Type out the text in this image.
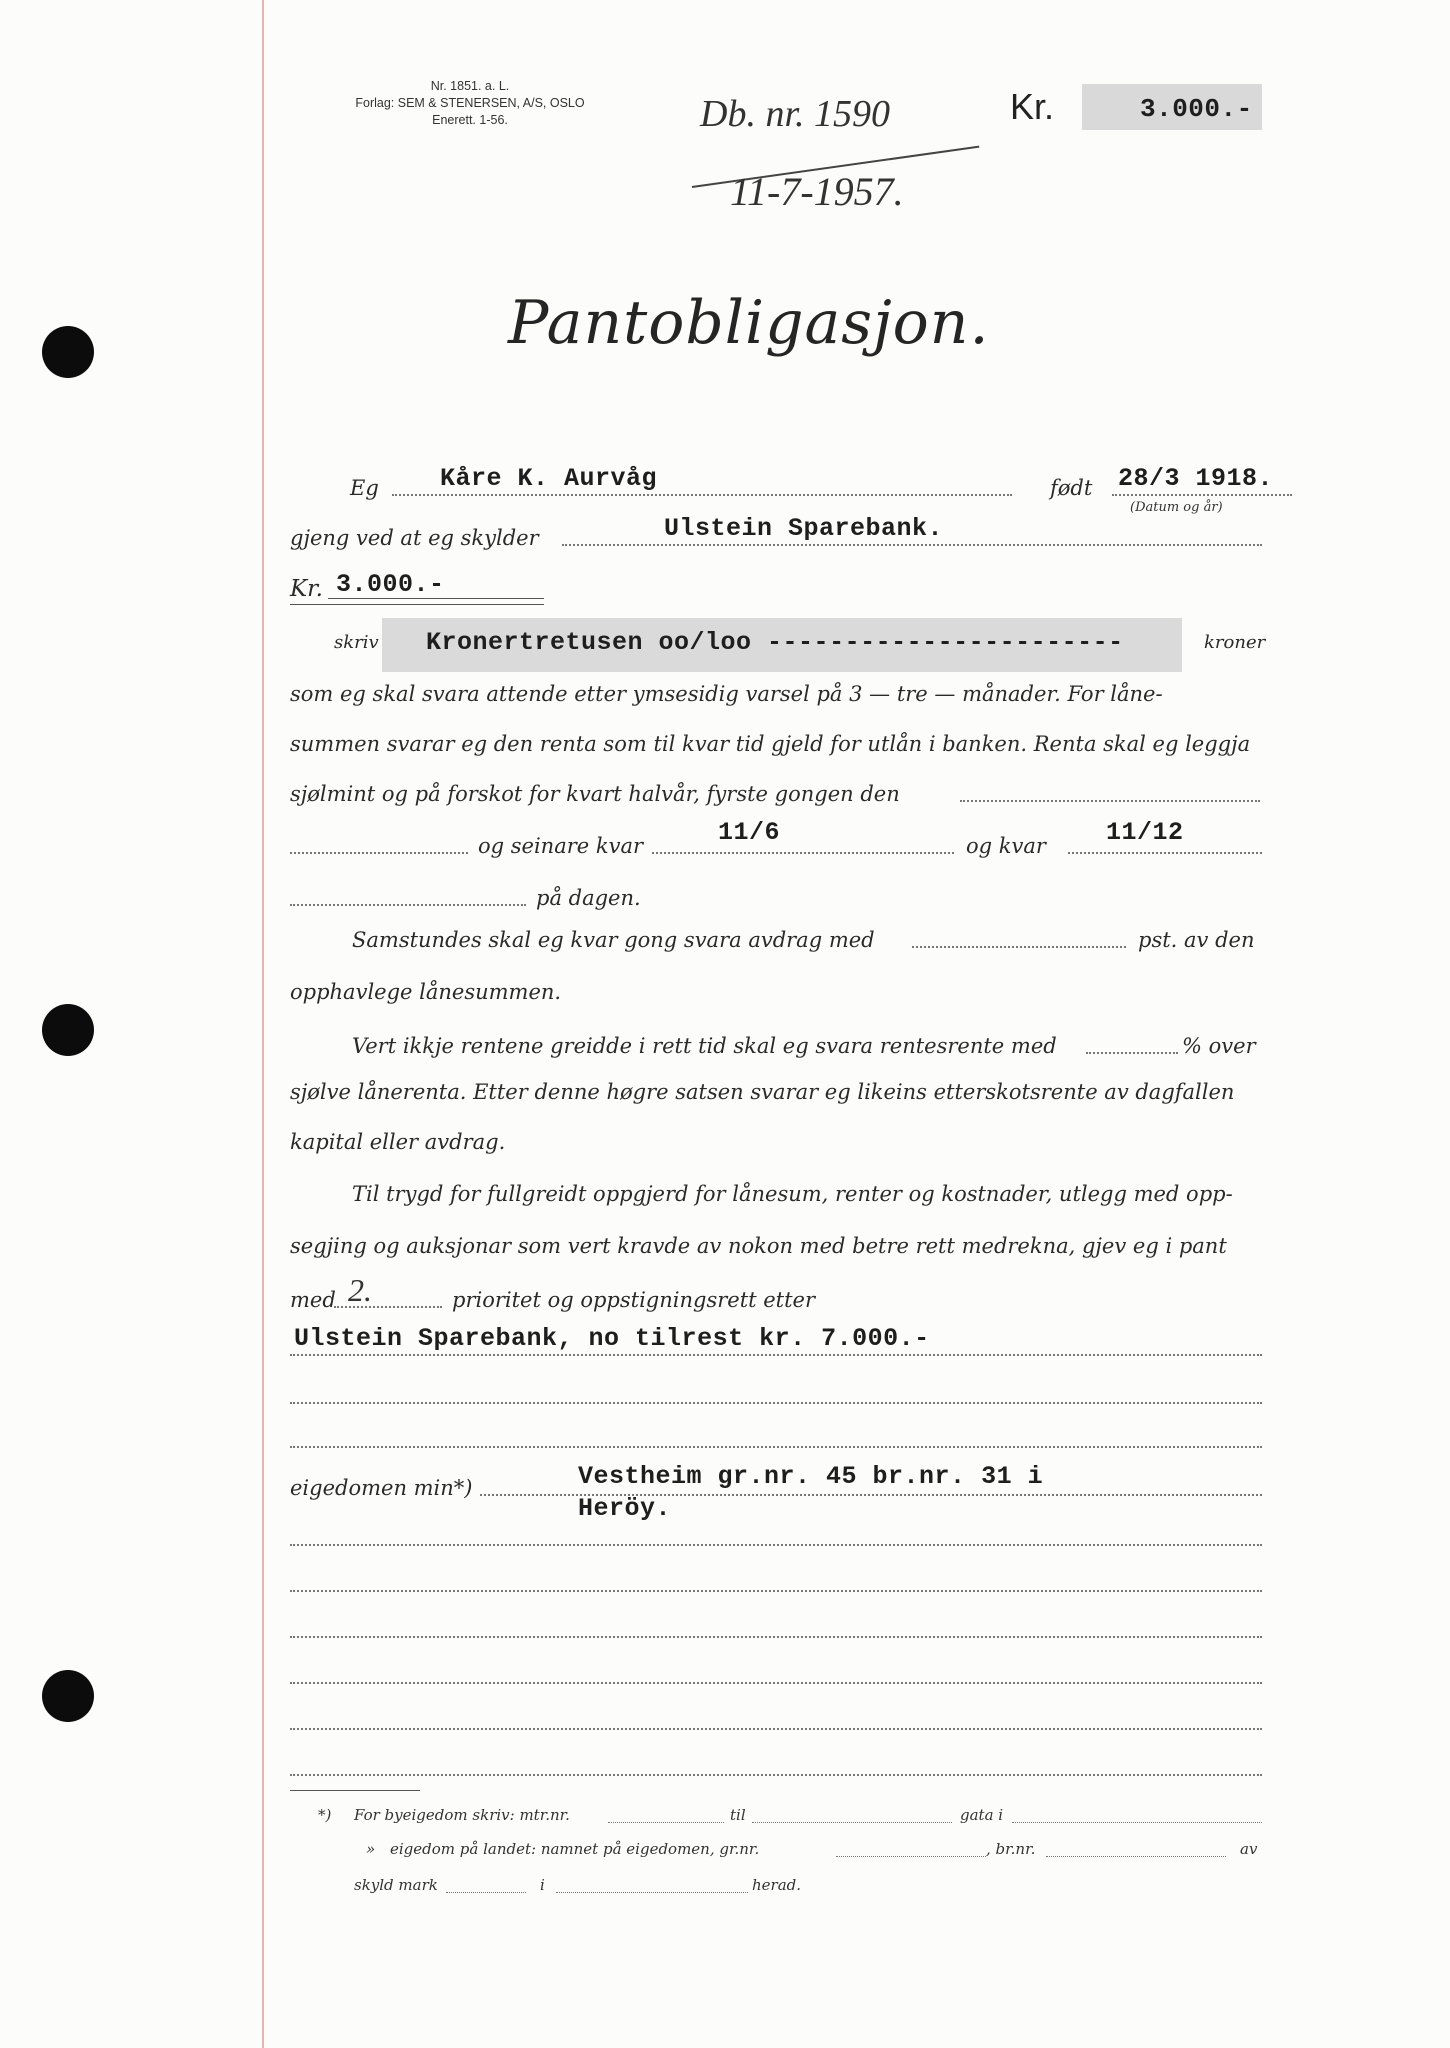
Nr. 1851. a. L.
Forlag: SEM & STENERSEN, A/S, OSLO
Enerett. 1-56.	Db. nr. 1590
11-7-1957.
Kr.	3.000.-
Pantobligasjon.
Eg Kåre K. Aurvåg	født 28/3 1918.
(Datum og år)
gjeng ved at eg skylder	Ulstein Sparebank.
Kr. 3.000.-
skriv Kronertretusen oo/loo -----------------------	kroner
som eg skal svara attende etter ymsesidig varsel på 3 — tre — månader. For låne-
summen svarar eg den renta som til kvar tid gjeld for utlån i banken. Renta skal eg leggja
sjølmint og på forskot for kvart halvår, fyrste gongen den
og seinare kvar	11/6	og kvar 11/12
på dagen.
Samstundes skal eg kvar gong svara avdrag med	pst. av den
opphavlege lånesummen.
Vert ikkje rentene greidde i rett tid skal eg svara rentesrente med	% over
sjølve lånerenta. Etter denne høgre satsen svarar eg likeins etterskotsrente av dagfallen
kapital eller avdrag.
Til trygd for fullgreidt oppgjerd for lånesum, renter og kostnader, utlegg med opp-
segjing og auksjonar som vert kravde av nokon med betre rett medrekna, gjev eg i pant
med 2.	prioritet og oppstigningsrett etter
Ulstein Sparebank, no tilrest kr. 7.000.-
eigedomen min*)	Vestheim gr.nr. 45 br.nr. 31 i
Heröy.
*) For byeigedom skriv: mtr.nr.	til	gata i
» eigedom på landet: namnet på eigedomen, gr.nr.	, br.nr.	av
skyld mark	i	herad.
